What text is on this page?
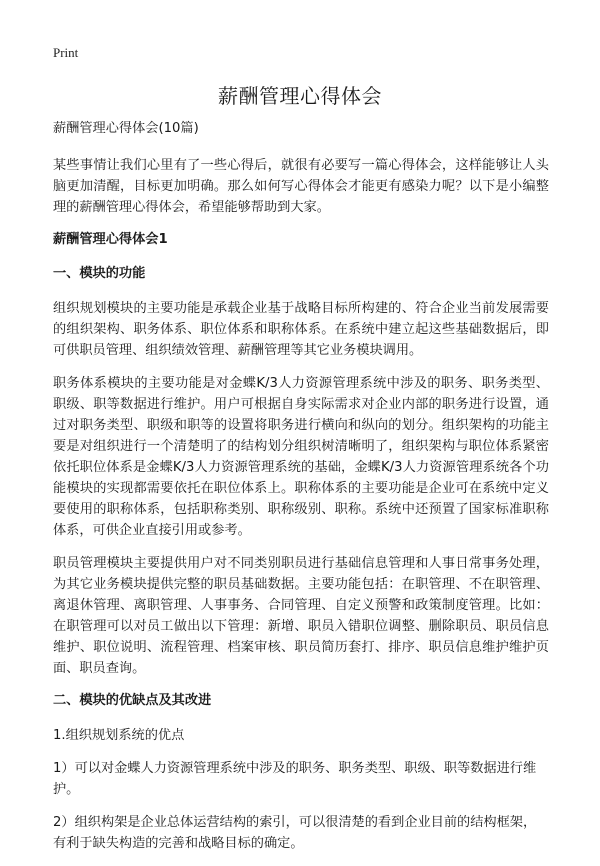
Print
薪酬管理心得体会

薪酬管理心得体会(10篇)

某些事情让我们心里有了一些心得后，就很有必要写一篇心得体会，这样能够让人头脑更加清醒，目标更加明确。那么如何写心得体会才能更有感染力呢？以下是小编整理的薪酬管理心得体会，希望能够帮助到大家。

薪酬管理心得体会1
一、模块的功能

组织规划模块的主要功能是承载企业基于战略目标所构建的、符合企业当前发展需要的组织架构、职务体系、职位体系和职称体系。在系统中建立起这些基础数据后，即可供职员管理、组织绩效管理、薪酬管理等其它业务模块调用。

职务体系模块的主要功能是对金蝶K/3人力资源管理系统中涉及的职务、职务类型、职级、职等数据进行维护。用户可根据自身实际需求对企业内部的职务进行设置，通过对职务类型、职级和职等的设置将职务进行横向和纵向的划分。组织架构的功能主要是对组织进行一个清楚明了的结构划分组织树清晰明了，组织架构与职位体系紧密依托职位体系是金蝶K/3人力资源管理系统的基础，金蝶K/3人力资源管理系统各个功能模块的实现都需要依托在职位体系上。职称体系的主要功能是企业可在系统中定义要使用的职称体系，包括职称类别、职称级别、职称。系统中还预置了国家标准职称体系，可供企业直接引用或参考。

职员管理模块主要提供用户对不同类别职员进行基础信息管理和人事日常事务处理，为其它业务模块提供完整的职员基础数据。主要功能包括：在职管理、不在职管理、离退休管理、离职管理、人事事务、合同管理、自定义预警和政策制度管理。比如：在职管理可以对员工做出以下管理：新增、职员入错职位调整、删除职员、职员信息维护、职位说明、流程管理、档案审核、职员简历套打、排序、职员信息维护维护页面、职员查询。

二、模块的优缺点及其改进

1.组织规划系统的优点

1）可以对金蝶人力资源管理系统中涉及的职务、职务类型、职级、职等数据进行维护。

2）组织构架是企业总体运营结构的索引，可以很清楚的看到企业目前的结构框架，有利于缺失构造的完善和战略目标的确定。
